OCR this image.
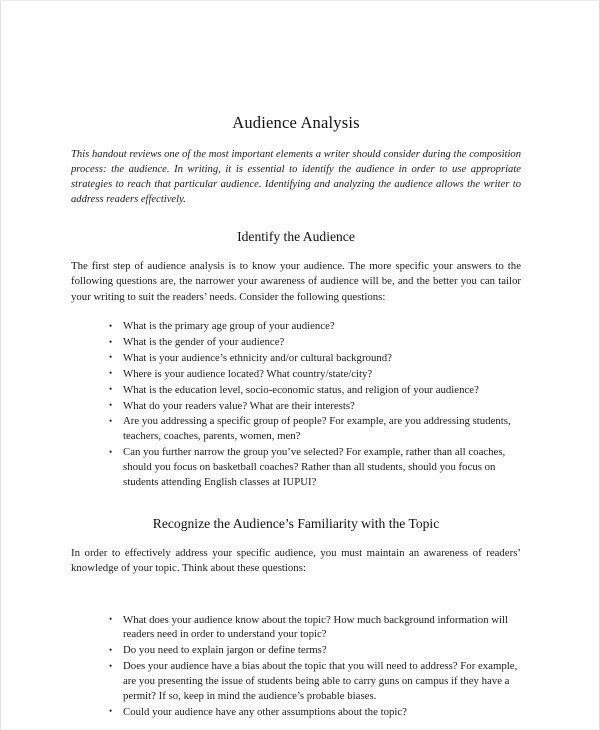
Audience Analysis

This handout reviews one of the most important elements a writer should consider during the composition process: the audience. In writing, it is essential to identify the audience in order to use appropriate strategies to reach that particular audience. Identifying and analyzing the audience allows the writer to address readers effectively.

Identify the Audience

The first step of audience analysis is to know your audience. The more specific your answers to the following questions are, the narrower your awareness of audience will be, and the better you can tailor your writing to suit the readers’ needs. Consider the following questions:

• What is the primary age group of your audience?
• What is the gender of your audience?
• What is your audience’s ethnicity and/or cultural background?
• Where is your audience located? What country/state/city?
• What is the education level, socio-economic status, and religion of your audience?
• What do your readers value? What are their interests?
• Are you addressing a specific group of people? For example, are you addressing students, teachers, coaches, parents, women, men?
• Can you further narrow the group you’ve selected? For example, rather than all coaches, should you focus on basketball coaches? Rather than all students, should you focus on students attending English classes at IUPUI?
Recognize the Audience’s Familiarity with the Topic

In order to effectively address your specific audience, you must maintain an awareness of readers’ knowledge of your topic. Think about these questions:

• What does your audience know about the topic? How much background information will readers need in order to understand your topic?
• Do you need to explain jargon or define terms?
• Does your audience have a bias about the topic that you will need to address? For example, are you presenting the issue of students being able to carry guns on campus if they have a permit? If so, keep in mind the audience’s probable biases.
• Could your audience have any other assumptions about the topic?
